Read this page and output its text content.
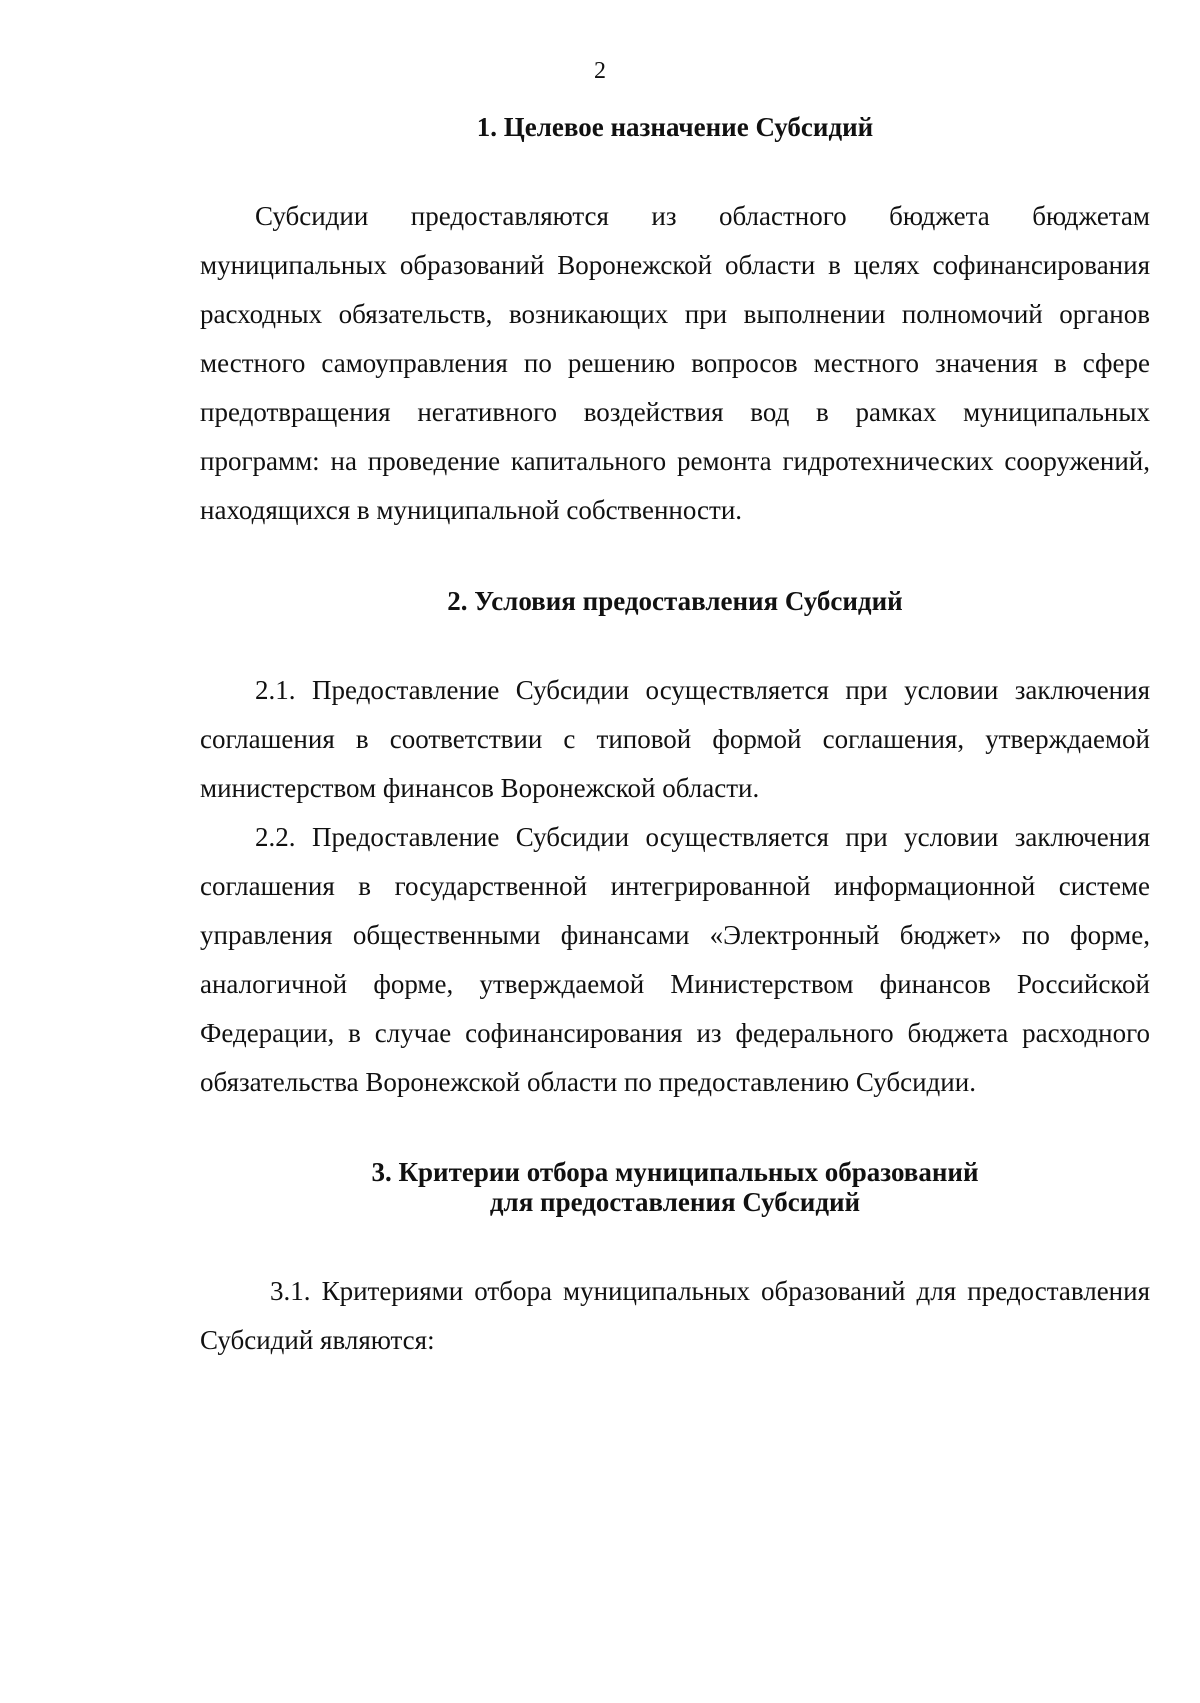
2
1. Целевое назначение Субсидий

Субсидии предоставляются из областного бюджета бюджетам муниципальных образований Воронежской области в целях софинансирования расходных обязательств, возникающих при выполнении полномочий органов местного самоуправления по решению вопросов местного значения в сфере предотвращения негативного воздействия вод в рамках муниципальных программ: на проведение капитального ремонта гидротехнических сооружений, находящихся в муниципальной собственности.

2. Условия предоставления Субсидий

2.1. Предоставление Субсидии осуществляется при условии заключения соглашения в соответствии с типовой формой соглашения, утверждаемой министерством финансов Воронежской области.

2.2. Предоставление Субсидии осуществляется при условии заключения соглашения в государственной интегрированной информационной системе управления общественными финансами «Электронный бюджет» по форме, аналогичной форме, утверждаемой Министерством финансов Российской Федерации, в случае софинансирования из федерального бюджета расходного обязательства Воронежской области по предоставлению Субсидии.

3. Критерии отбора муниципальных образований
для предоставления Субсидий

3.1. Критериями отбора муниципальных образований для предоставления Субсидий являются:
